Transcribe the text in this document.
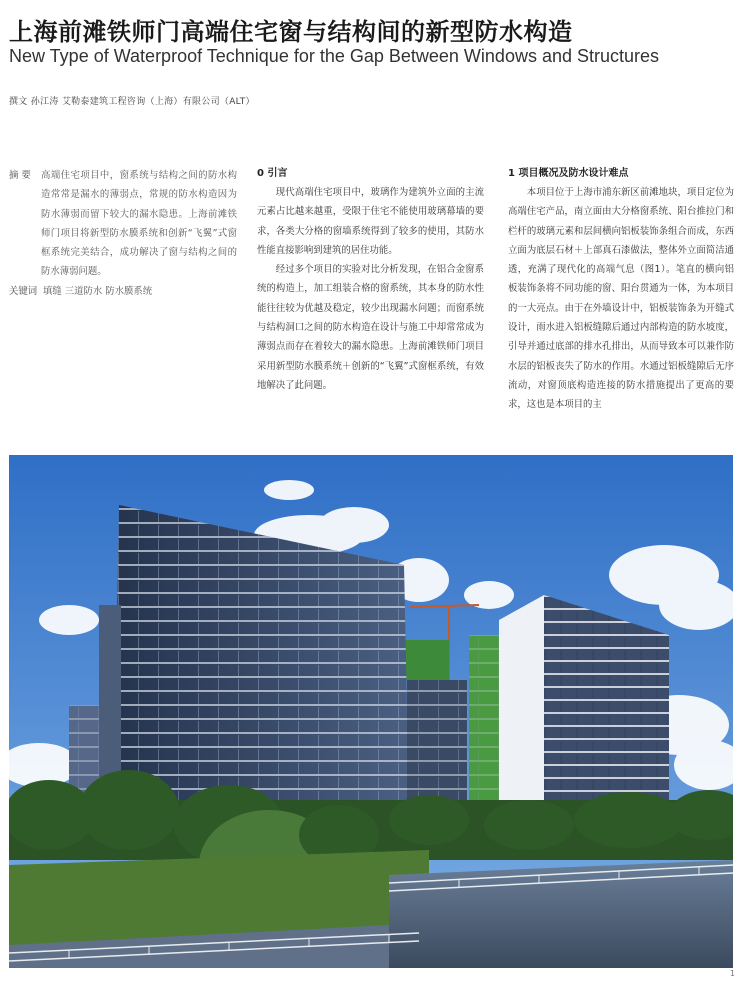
上海前滩铁师门高端住宅窗与结构间的新型防水构造
New Type of Waterproof Technique for the Gap Between Windows and Structures
撰文 孙江涛 艾勒泰建筑工程咨询（上海）有限公司（ALT）
摘 要	高端住宅项目中，窗系统与结构之间的防水构造常常是漏水的薄弱点，常规的防水构造因为防水薄弱而留下较大的漏水隐患。上海前滩铁师门项目将新型防水膜系统和创新“飞翼”式窗框系统完美结合，成功解决了窗与结构之间的防水薄弱问题。
关键词 填缝 三道防水 防水膜系统
0 引言

现代高端住宅项目中，玻璃作为建筑外立面的主流元素占比越来越重，受限于住宅不能使用玻璃幕墙的要求，各类大分格的窗墙系统得到了较多的使用，其防水性能直接影响到建筑的居住功能。

经过多个项目的实验对比分析发现，在铝合金窗系统的构造上，加工组装合格的窗系统，其本身的防水性能往往较为优越及稳定，较少出现漏水问题；而窗系统与结构洞口之间的防水构造在设计与施工中却常常成为薄弱点而存在着较大的漏水隐患。上海前滩铁师门项目采用新型防水膜系统＋创新的“飞翼”式窗框系统，有效地解决了此问题。

1 项目概况及防水设计难点

本项目位于上海市浦东新区前滩地块，项目定位为高端住宅产品，南立面由大分格窗系统、阳台推拉门和栏杆的玻璃元素和层间横向铝板装饰条组合而成，东西立面为底层石材＋上部真石漆做法，整体外立面简洁通透，充满了现代化的高端气息（图1）。笔直的横向铝板装饰条将不同功能的窗、阳台贯通为一体，为本项目的一大亮点。由于在外墙设计中，铝板装饰条为开缝式设计，雨水进入铝板缝隙后通过内部构造的防水坡度，引导并通过底部的排水孔排出，从而导致本可以兼作防水层的铝板丧失了防水的作用。水通过铝板缝隙后无序流动，对窗顶底构造连接的防水措施提出了更高的要求，这也是本项目的主

1
